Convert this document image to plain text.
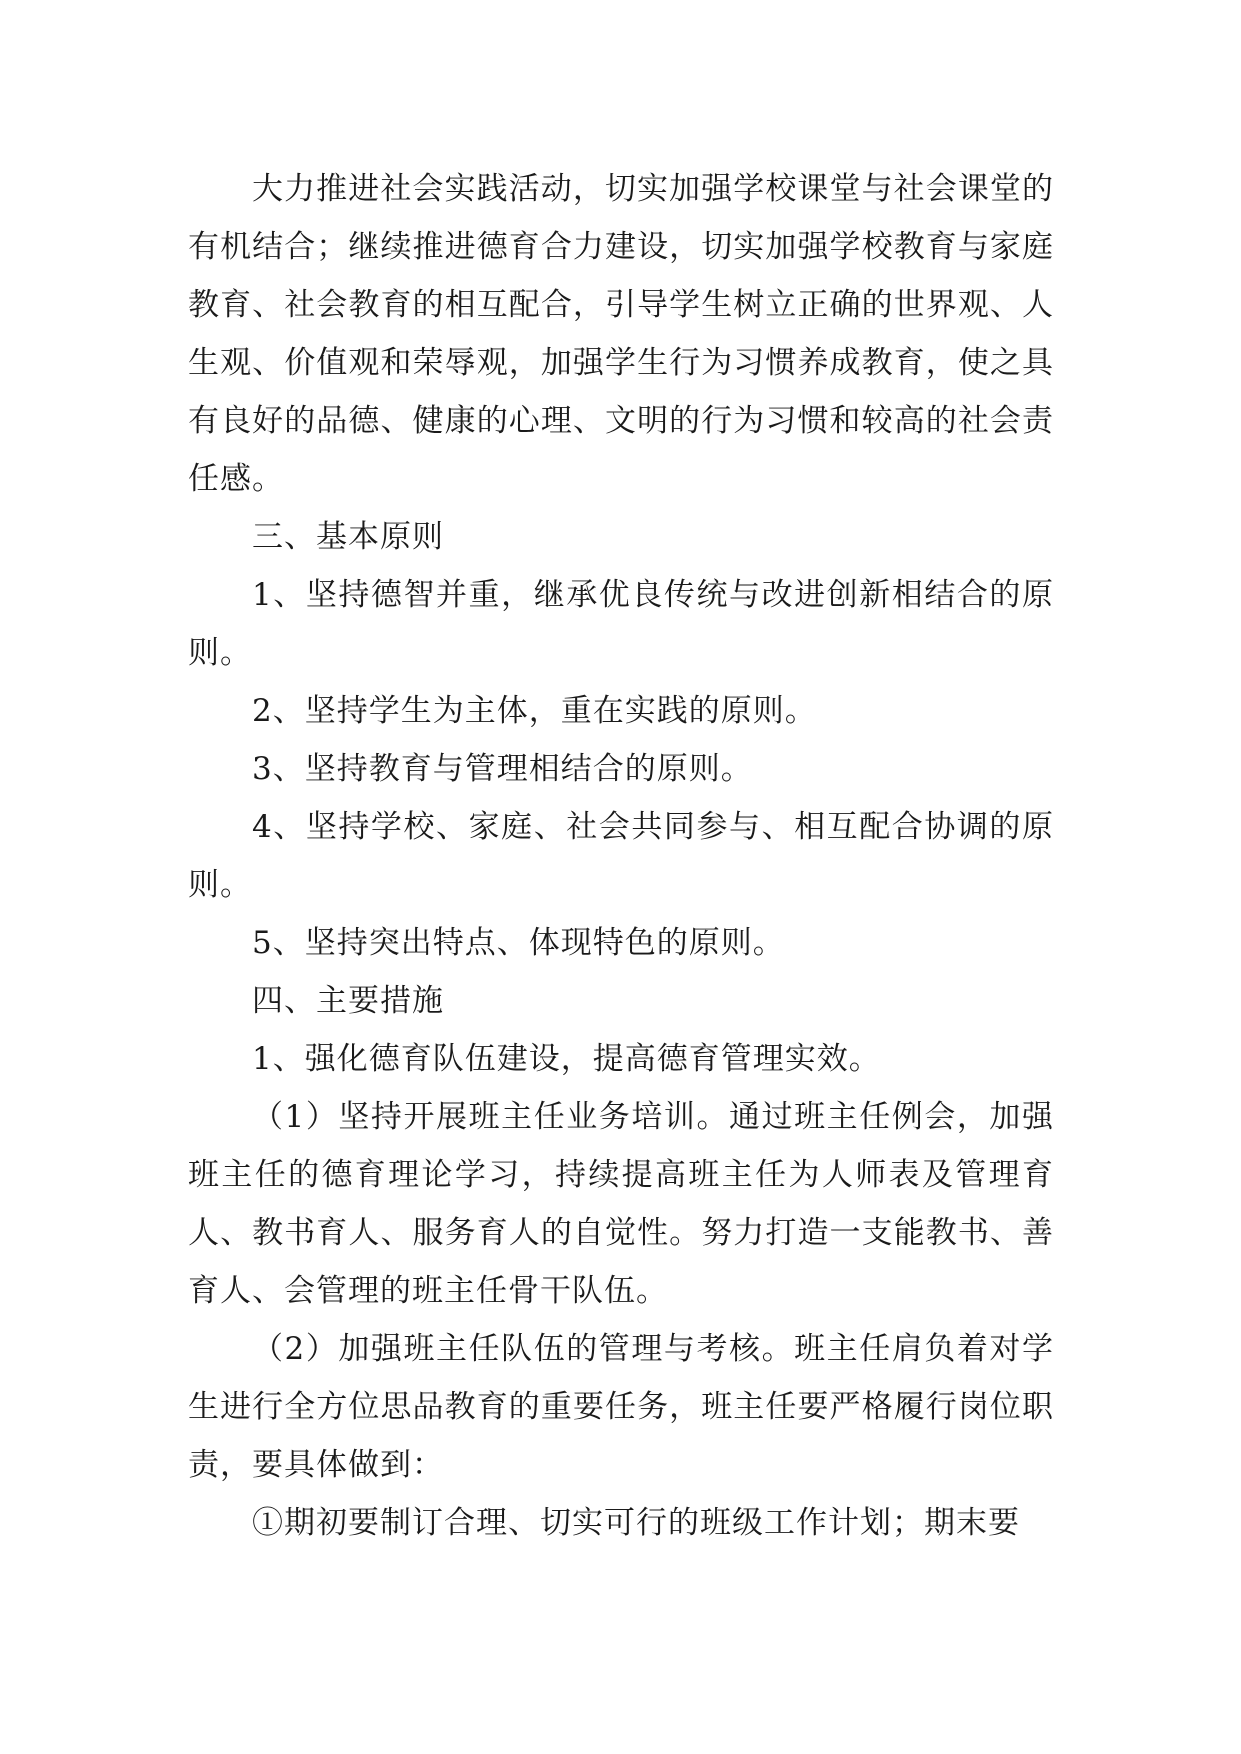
大力推进社会实践活动，切实加强学校课堂与社会课堂的有机结合；继续推进德育合力建设，切实加强学校教育与家庭教育、社会教育的相互配合，引导学生树立正确的世界观、人生观、价值观和荣辱观，加强学生行为习惯养成教育，使之具有良好的品德、健康的心理、文明的行为习惯和较高的社会责任感。

三、基本原则

1、坚持德智并重，继承优良传统与改进创新相结合的原则。

2、坚持学生为主体，重在实践的原则。

3、坚持教育与管理相结合的原则。

4、坚持学校、家庭、社会共同参与、相互配合协调的原则。

5、坚持突出特点、体现特色的原则。

四、主要措施

1、强化德育队伍建设，提高德育管理实效。

（1）坚持开展班主任业务培训。通过班主任例会，加强班主任的德育理论学习，持续提高班主任为人师表及管理育人、教书育人、服务育人的自觉性。努力打造一支能教书、善育人、会管理的班主任骨干队伍。

（2）加强班主任队伍的管理与考核。班主任肩负着对学生进行全方位思品教育的重要任务，班主任要严格履行岗位职责，要具体做到：

①期初要制订合理、切实可行的班级工作计划；期末要
